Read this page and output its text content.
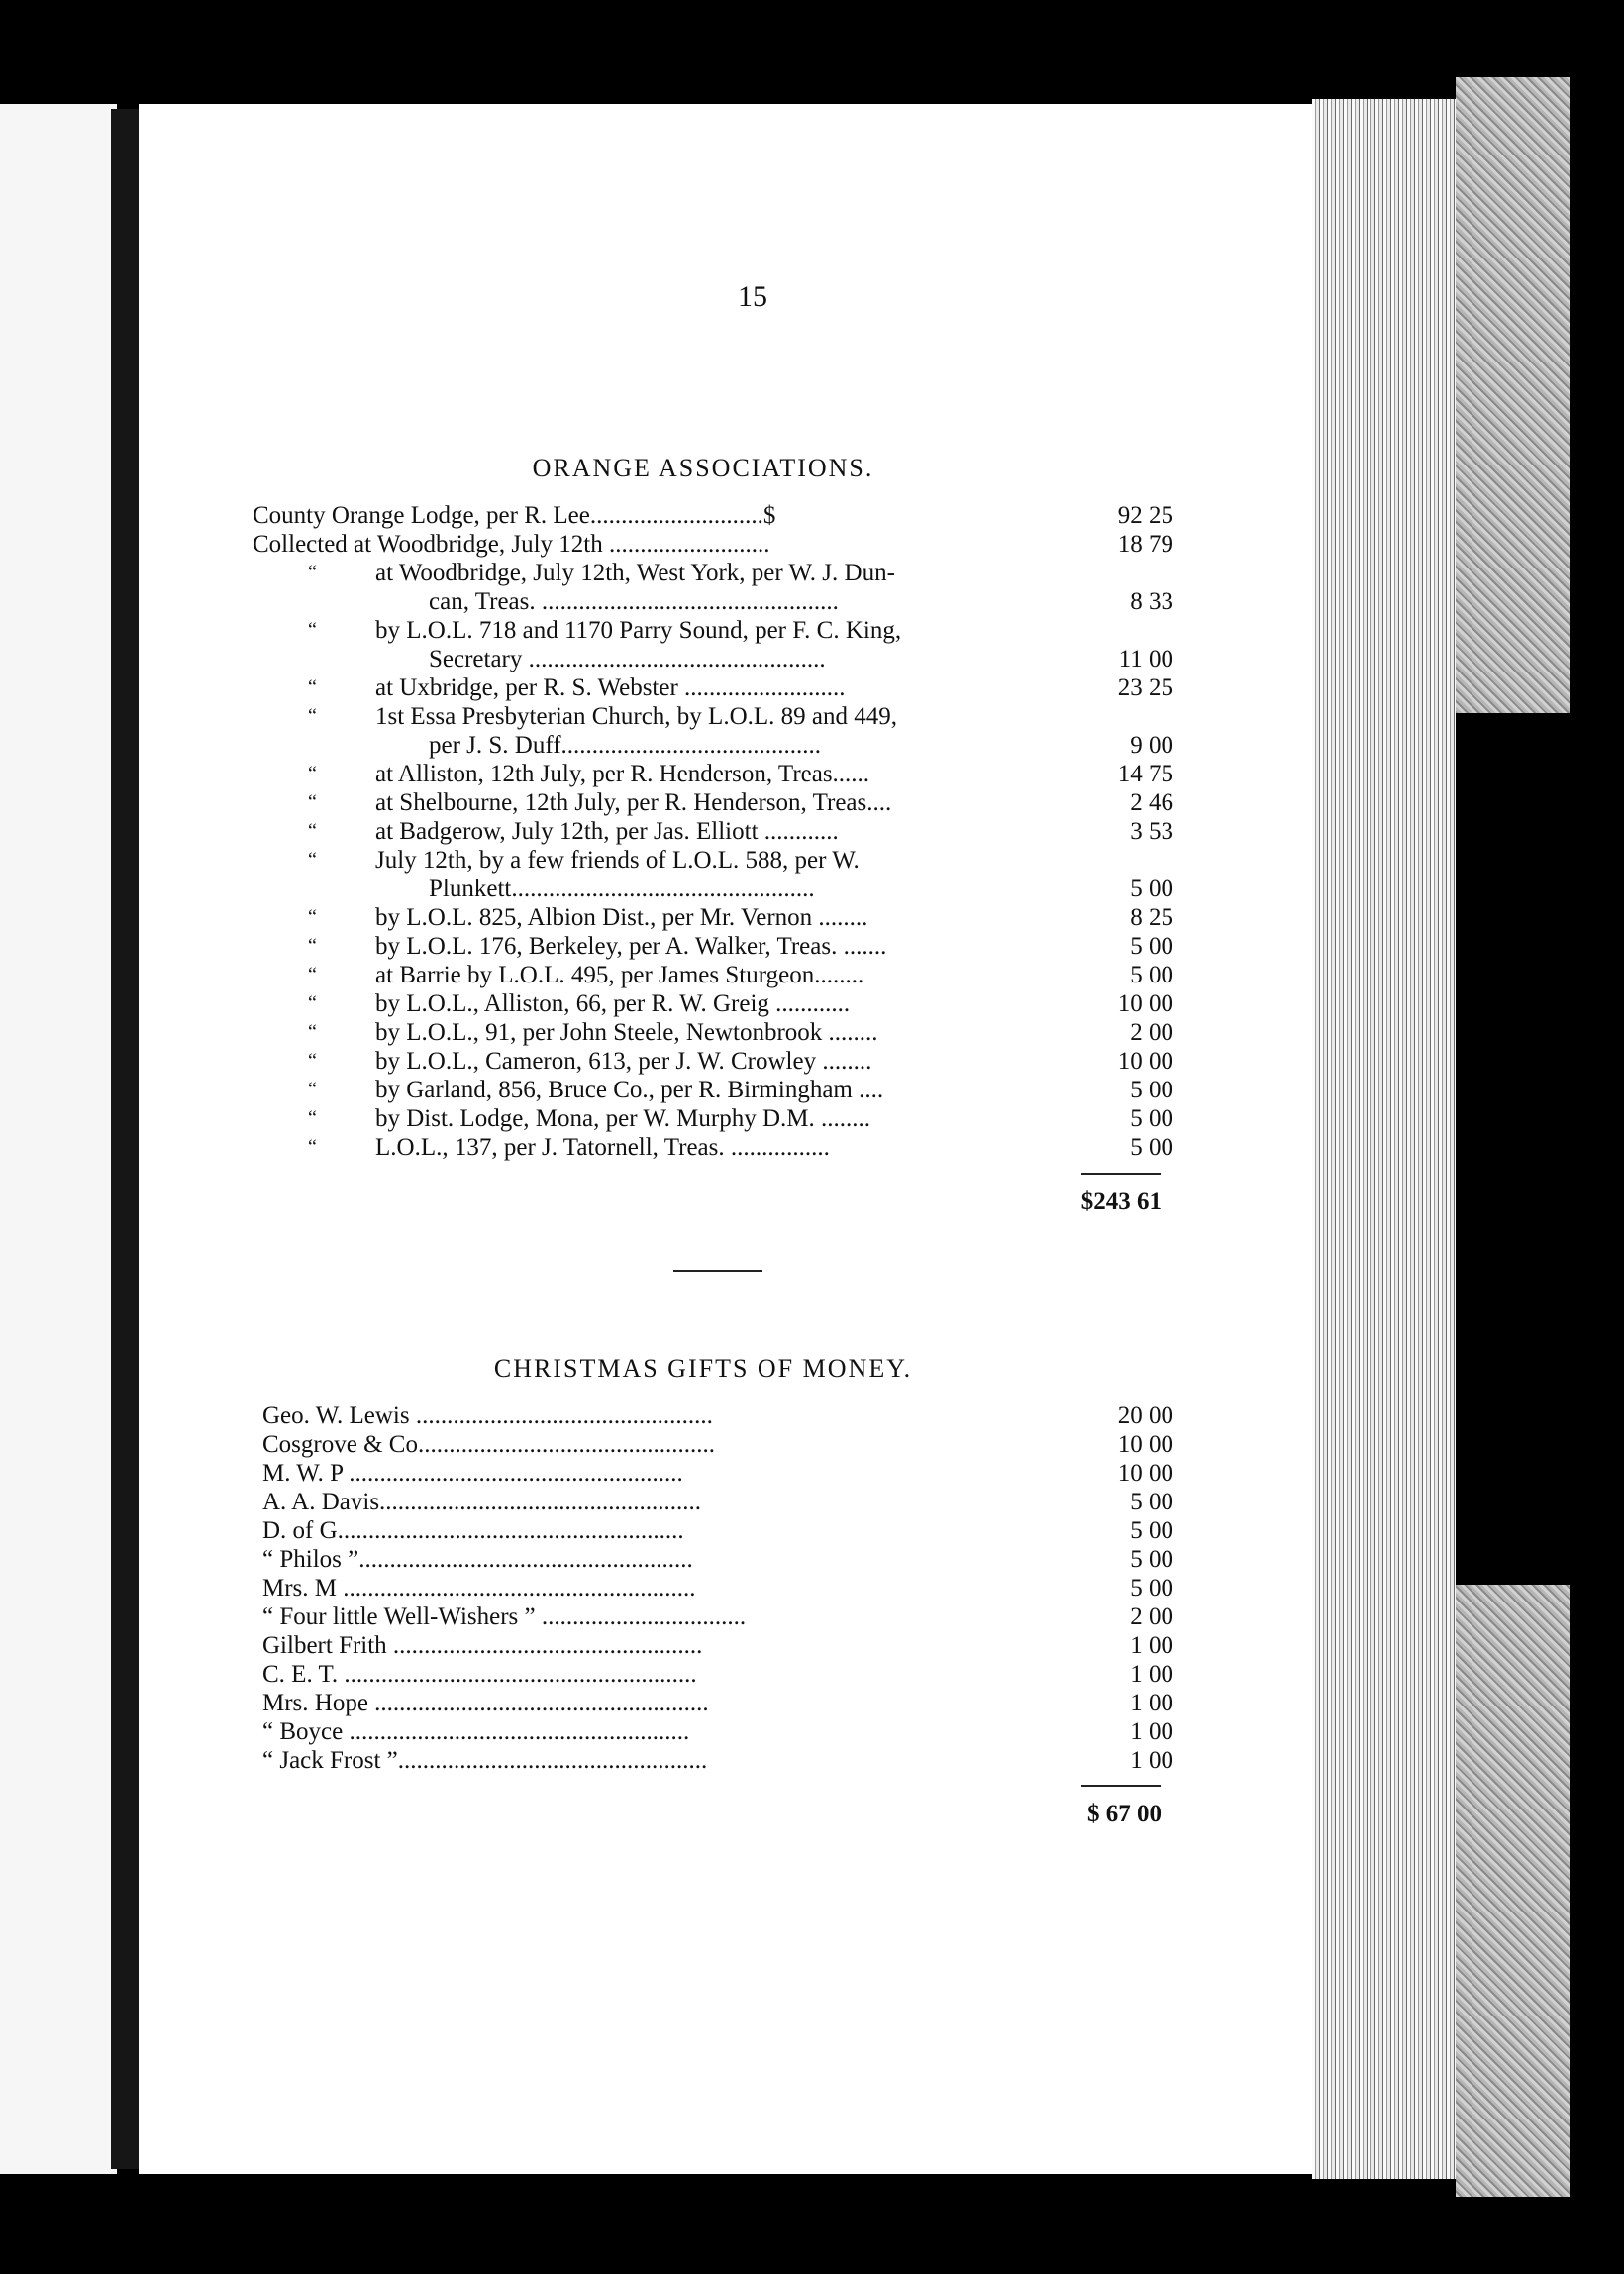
15
ORANGE ASSOCIATIONS.
County Orange Lodge, per R. Lee............................$	92 25
Collected at Woodbridge, July 12th ..........................	18 79
“ at Woodbridge, July 12th, West York, per W. J. Dun-
can, Treas. ................................................	8 33
“ by L.O.L. 718 and 1170 Parry Sound, per F. C. King,
Secretary ................................................	11 00
“ at Uxbridge, per R. S. Webster ..........................	23 25
“ 1st Essa Presbyterian Church, by L.O.L. 89 and 449,
per J. S. Duff..........................................	9 00
“ at Alliston, 12th July, per R. Henderson, Treas......	14 75
“ at Shelbourne, 12th July, per R. Henderson, Treas....	2 46
“ at Badgerow, July 12th, per Jas. Elliott ............	3 53
“ July 12th, by a few friends of L.O.L. 588, per W.
Plunkett.................................................	5 00
“ by L.O.L. 825, Albion Dist., per Mr. Vernon ........	8 25
“ by L.O.L. 176, Berkeley, per A. Walker, Treas. .......	5 00
“ at Barrie by L.O.L. 495, per James Sturgeon........	5 00
“ by L.O.L., Alliston, 66, per R. W. Greig ............	10 00
“ by L.O.L., 91, per John Steele, Newtonbrook ........	2 00
“ by L.O.L., Cameron, 613, per J. W. Crowley ........	10 00
“ by Garland, 856, Bruce Co., per R. Birmingham ....	5 00
“ by Dist. Lodge, Mona, per W. Murphy D.M. ........	5 00
“ L.O.L., 137, per J. Tatornell, Treas. ................	5 00
$243 61
CHRISTMAS GIFTS OF MONEY.
Geo. W. Lewis ................................................	20 00
Cosgrove & Co................................................	10 00
M. W. P ......................................................	10 00
A. A. Davis....................................................	5 00
D. of G........................................................	5 00
“ Philos ”......................................................	5 00
Mrs. M .........................................................	5 00
“ Four little Well-Wishers ” .................................	2 00
Gilbert Frith ..................................................	1 00
C. E. T. .........................................................	1 00
Mrs. Hope ......................................................	1 00
“ Boyce .......................................................	1 00
“ Jack Frost ”..................................................	1 00
$ 67 00
